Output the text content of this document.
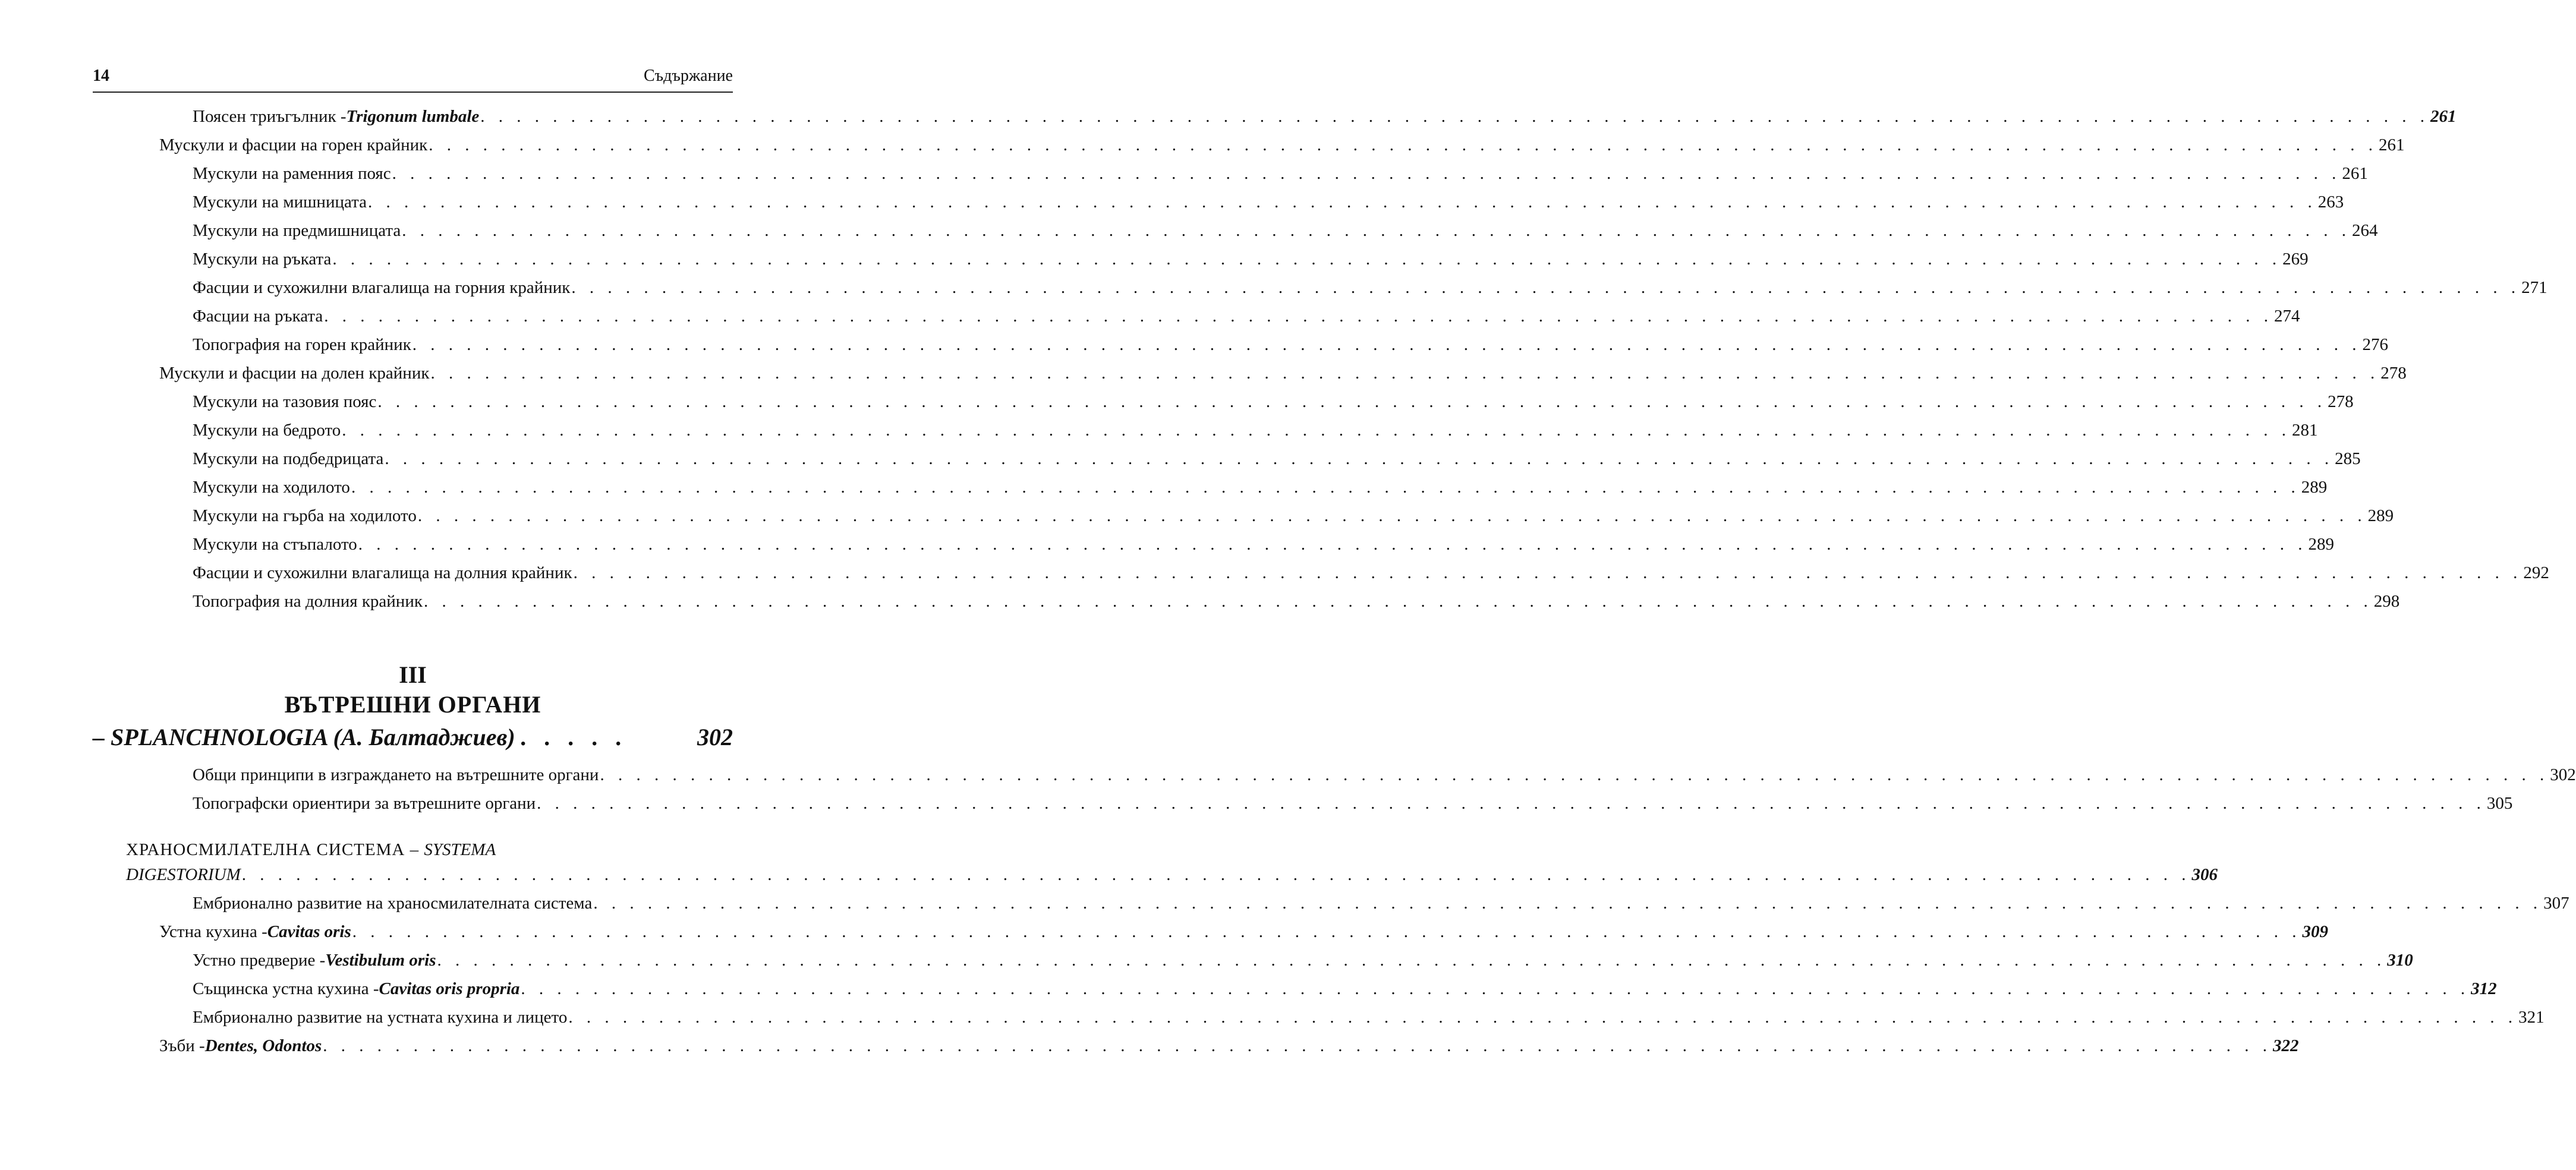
14	Съдържание
Поясен триъгълник - Trigonum lumbale . . . . . . . . . . . . . . . . . . . . . . . . . . . . . . . . . . . . . . . . . . . . . . . . . . . . . . . . . . . . . . . . . . . . . . . . . . . . . . . . . . . . . . . . . . . . . . . . . . . . . . . . . . . . 261
Мускули и фасции на горен крайник . . . . . . . . . . . . . . . . . . . . . . . . . . . . . . . . . . . . . . . . . . . . . . . . . . . . . . . . . . . . . . . . . . . . . . . . . . . . . . . . . . . . . . . . . . . . . . . . . . . . . . . . . . . . 261
Мускули на раменния пояс . . . . . . . . . . . . . . . . . . . . . . . . . . . . . . . . . . . . . . . . . . . . . . . . . . . . . . . . . . . . . . . . . . . . . . . . . . . . . . . . . . . . . . . . . . . . . . . . . . . . . . . . . . . . 261
Мускули на мишницата . . . . . . . . . . . . . . . . . . . . . . . . . . . . . . . . . . . . . . . . . . . . . . . . . . . . . . . . . . . . . . . . . . . . . . . . . . . . . . . . . . . . . . . . . . . . . . . . . . . . . . . . . . . . 263
Мускули на предмишницата . . . . . . . . . . . . . . . . . . . . . . . . . . . . . . . . . . . . . . . . . . . . . . . . . . . . . . . . . . . . . . . . . . . . . . . . . . . . . . . . . . . . . . . . . . . . . . . . . . . . . . . . . . . . 264
Мускули на ръката . . . . . . . . . . . . . . . . . . . . . . . . . . . . . . . . . . . . . . . . . . . . . . . . . . . . . . . . . . . . . . . . . . . . . . . . . . . . . . . . . . . . . . . . . . . . . . . . . . . . . . . . . . . . 269
Фасции и сухожилни влагалища на горния крайник . . . . . . . . . . . . . . . . . . . . . . . . . . . . . . . . . . . . . . . . . . . . . . . . . . . . . . . . . . . . . . . . . . . . . . . . . . . . . . . . . . . . . . . . . . . . . . . . . . . . . . . . . . . . 271
Фасции на ръката . . . . . . . . . . . . . . . . . . . . . . . . . . . . . . . . . . . . . . . . . . . . . . . . . . . . . . . . . . . . . . . . . . . . . . . . . . . . . . . . . . . . . . . . . . . . . . . . . . . . . . . . . . . . 274
Топография на горен крайник . . . . . . . . . . . . . . . . . . . . . . . . . . . . . . . . . . . . . . . . . . . . . . . . . . . . . . . . . . . . . . . . . . . . . . . . . . . . . . . . . . . . . . . . . . . . . . . . . . . . . . . . . . . . 276
Мускули и фасции на долен крайник . . . . . . . . . . . . . . . . . . . . . . . . . . . . . . . . . . . . . . . . . . . . . . . . . . . . . . . . . . . . . . . . . . . . . . . . . . . . . . . . . . . . . . . . . . . . . . . . . . . . . . . . . . . . 278
Мускули на тазовия пояс . . . . . . . . . . . . . . . . . . . . . . . . . . . . . . . . . . . . . . . . . . . . . . . . . . . . . . . . . . . . . . . . . . . . . . . . . . . . . . . . . . . . . . . . . . . . . . . . . . . . . . . . . . . . 278
Мускули на бедрото . . . . . . . . . . . . . . . . . . . . . . . . . . . . . . . . . . . . . . . . . . . . . . . . . . . . . . . . . . . . . . . . . . . . . . . . . . . . . . . . . . . . . . . . . . . . . . . . . . . . . . . . . . . . 281
Мускули на подбедрицата . . . . . . . . . . . . . . . . . . . . . . . . . . . . . . . . . . . . . . . . . . . . . . . . . . . . . . . . . . . . . . . . . . . . . . . . . . . . . . . . . . . . . . . . . . . . . . . . . . . . . . . . . . . . 285
Мускули на ходилото . . . . . . . . . . . . . . . . . . . . . . . . . . . . . . . . . . . . . . . . . . . . . . . . . . . . . . . . . . . . . . . . . . . . . . . . . . . . . . . . . . . . . . . . . . . . . . . . . . . . . . . . . . . . 289
Мускули на гърба на ходилото . . . . . . . . . . . . . . . . . . . . . . . . . . . . . . . . . . . . . . . . . . . . . . . . . . . . . . . . . . . . . . . . . . . . . . . . . . . . . . . . . . . . . . . . . . . . . . . . . . . . . . . . . . . . 289
Мускули на стъпалото . . . . . . . . . . . . . . . . . . . . . . . . . . . . . . . . . . . . . . . . . . . . . . . . . . . . . . . . . . . . . . . . . . . . . . . . . . . . . . . . . . . . . . . . . . . . . . . . . . . . . . . . . . . . 289
Фасции и сухожилни влагалища на долния крайник . . . . . . . . . . . . . . . . . . . . . . . . . . . . . . . . . . . . . . . . . . . . . . . . . . . . . . . . . . . . . . . . . . . . . . . . . . . . . . . . . . . . . . . . . . . . . . . . . . . . . . . . . . . . 292
Топография на долния крайник . . . . . . . . . . . . . . . . . . . . . . . . . . . . . . . . . . . . . . . . . . . . . . . . . . . . . . . . . . . . . . . . . . . . . . . . . . . . . . . . . . . . . . . . . . . . . . . . . . . . . . . . . . . . 298
III
ВЪТРЕШНИ ОРГАНИ
– SPLANCHNOLOGIA (А. Балтаджиев) . . . . .	302
Общи принципи в изграждането на вътрешните органи . . . . . . . . . . . . . . . . . . . . . . . . . . . . . . . . . . . . . . . . . . . . . . . . . . . . . . . . . . . . . . . . . . . . . . . . . . . . . . . . . . . . . . . . . . . . . . . . . . . . . . . . . . . . 302
Топографски ориентири за вътрешните органи . . . . . . . . . . . . . . . . . . . . . . . . . . . . . . . . . . . . . . . . . . . . . . . . . . . . . . . . . . . . . . . . . . . . . . . . . . . . . . . . . . . . . . . . . . . . . . . . . . . . . . . . . . . . 305
ХРАНОСМИЛАТЕЛНА СИСТЕМА – SYSTEMA
DIGESTORIUM . . . . . . . . . . . . . . . . . . . . . . . . . . . . . . . . . . . . . . . . . . . . . . . . . . . . . . . . . . . . . . . . . . . . . . . . . . . . . . . . . . . . . . . . . . . . . . . . . . . . . . . . . . . . 306
Ембрионално развитие на храносмилателната система . . . . . . . . . . . . . . . . . . . . . . . . . . . . . . . . . . . . . . . . . . . . . . . . . . . . . . . . . . . . . . . . . . . . . . . . . . . . . . . . . . . . . . . . . . . . . . . . . . . . . . . . . . . . 307
Устна кухина - Cavitas oris . . . . . . . . . . . . . . . . . . . . . . . . . . . . . . . . . . . . . . . . . . . . . . . . . . . . . . . . . . . . . . . . . . . . . . . . . . . . . . . . . . . . . . . . . . . . . . . . . . . . . . . . . . . . 309
Устно предверие - Vestibulum oris . . . . . . . . . . . . . . . . . . . . . . . . . . . . . . . . . . . . . . . . . . . . . . . . . . . . . . . . . . . . . . . . . . . . . . . . . . . . . . . . . . . . . . . . . . . . . . . . . . . . . . . . . . . . 310
Същинска устна кухина - Cavitas oris propria . . . . . . . . . . . . . . . . . . . . . . . . . . . . . . . . . . . . . . . . . . . . . . . . . . . . . . . . . . . . . . . . . . . . . . . . . . . . . . . . . . . . . . . . . . . . . . . . . . . . . . . . . . . . 312
Ембрионално развитие на устната кухина и лицето . . . . . . . . . . . . . . . . . . . . . . . . . . . . . . . . . . . . . . . . . . . . . . . . . . . . . . . . . . . . . . . . . . . . . . . . . . . . . . . . . . . . . . . . . . . . . . . . . . . . . . . . . . . . 321
Зъби - Dentes, Odontos . . . . . . . . . . . . . . . . . . . . . . . . . . . . . . . . . . . . . . . . . . . . . . . . . . . . . . . . . . . . . . . . . . . . . . . . . . . . . . . . . . . . . . . . . . . . . . . . . . . . . . . . . . . . 322
